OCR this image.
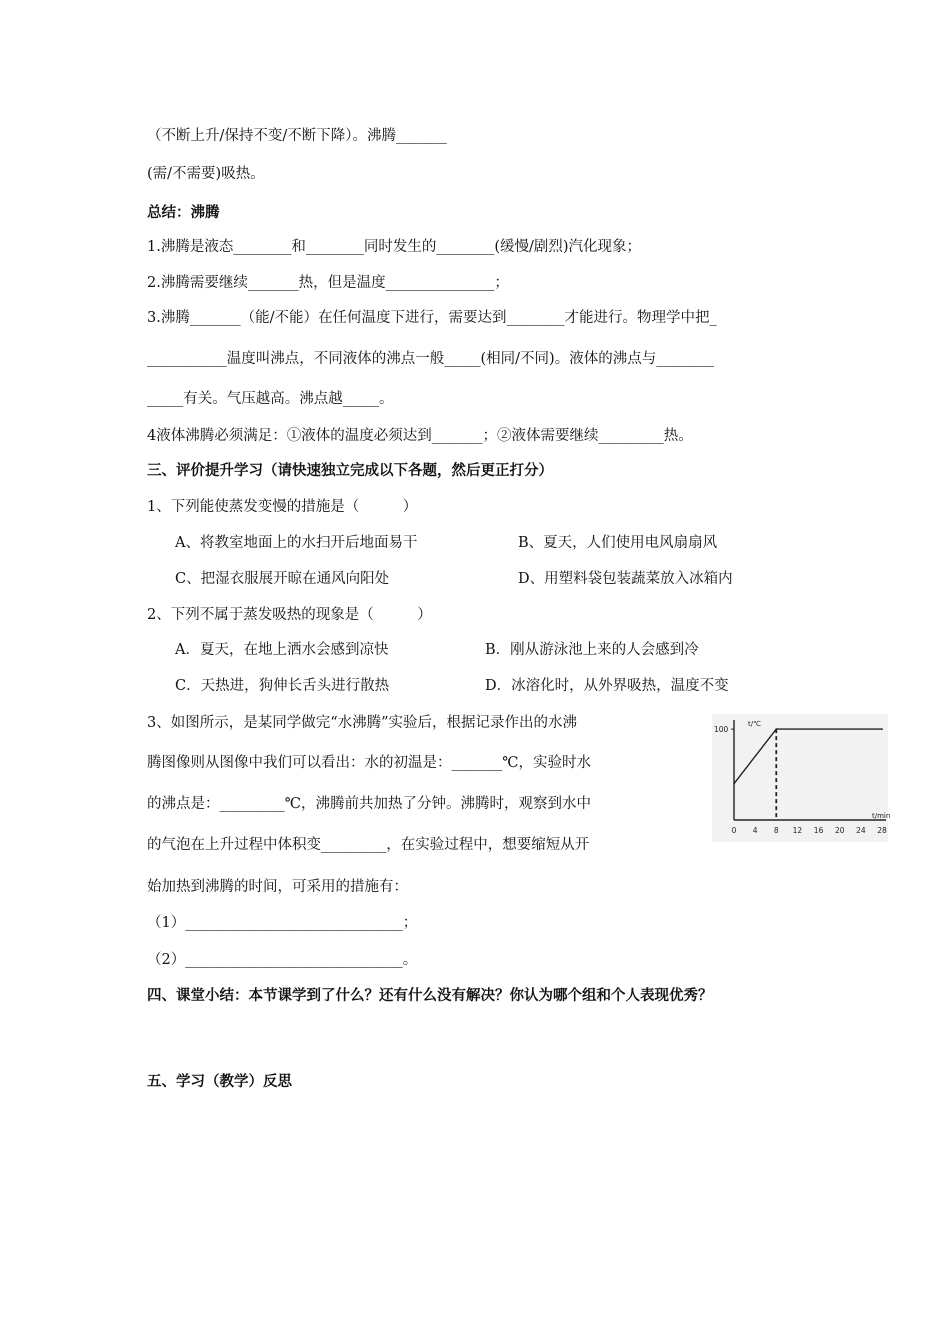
（不断上升/保持不变/不断下降）。沸腾_______
(需/不需要)吸热。
总结：沸腾
1.沸腾是液态________和________同时发生的________(缓慢/剧烈)汽化现象；
2.沸腾需要继续_______热，但是温度_______________；
3.沸腾_______（能/不能）在任何温度下进行，需要达到________才能进行。物理学中把_
___________温度叫沸点，不同液体的沸点一般_____(相同/不同)。液体的沸点与________
_____有关。气压越高。沸点越_____。
4液体沸腾必须满足：①液体的温度必须达到_______；②液体需要继续_________热。
三、评价提升学习（请快速独立完成以下各题，然后更正打分）
1、下列能使蒸发变慢的措施是（　　　）
A、将教室地面上的水扫开后地面易干	B、夏天，人们使用电风扇扇风
C、把湿衣服展开晾在通风向阳处	D、用塑料袋包装蔬菜放入冰箱内
2、下列不属于蒸发吸热的现象是（　　　）
A．夏天，在地上洒水会感到凉快	B．刚从游泳池上来的人会感到冷
C．天热进，狗伸长舌头进行散热	D．冰溶化时，从外界吸热，温度不变
3、如图所示，是某同学做完“水沸腾”实验后，根据记录作出的水沸
腾图像则从图像中我们可以看出：水的初温是：_______℃，实验时水
的沸点是：_________℃，沸腾前共加热了分钟。沸腾时，观察到水中
的气泡在上升过程中体积变_________，在实验过程中，想要缩短从开
始加热到沸腾的时间，可采用的措施有：
（1）______________________________；
（2）______________________________。
四、课堂小结：本节课学到了什么？还有什么没有解决？你认为哪个组和个人表现优秀？
五、学习（教学）反思
t/℃
t/min
100
0 4 8 12 16 20 24 28
